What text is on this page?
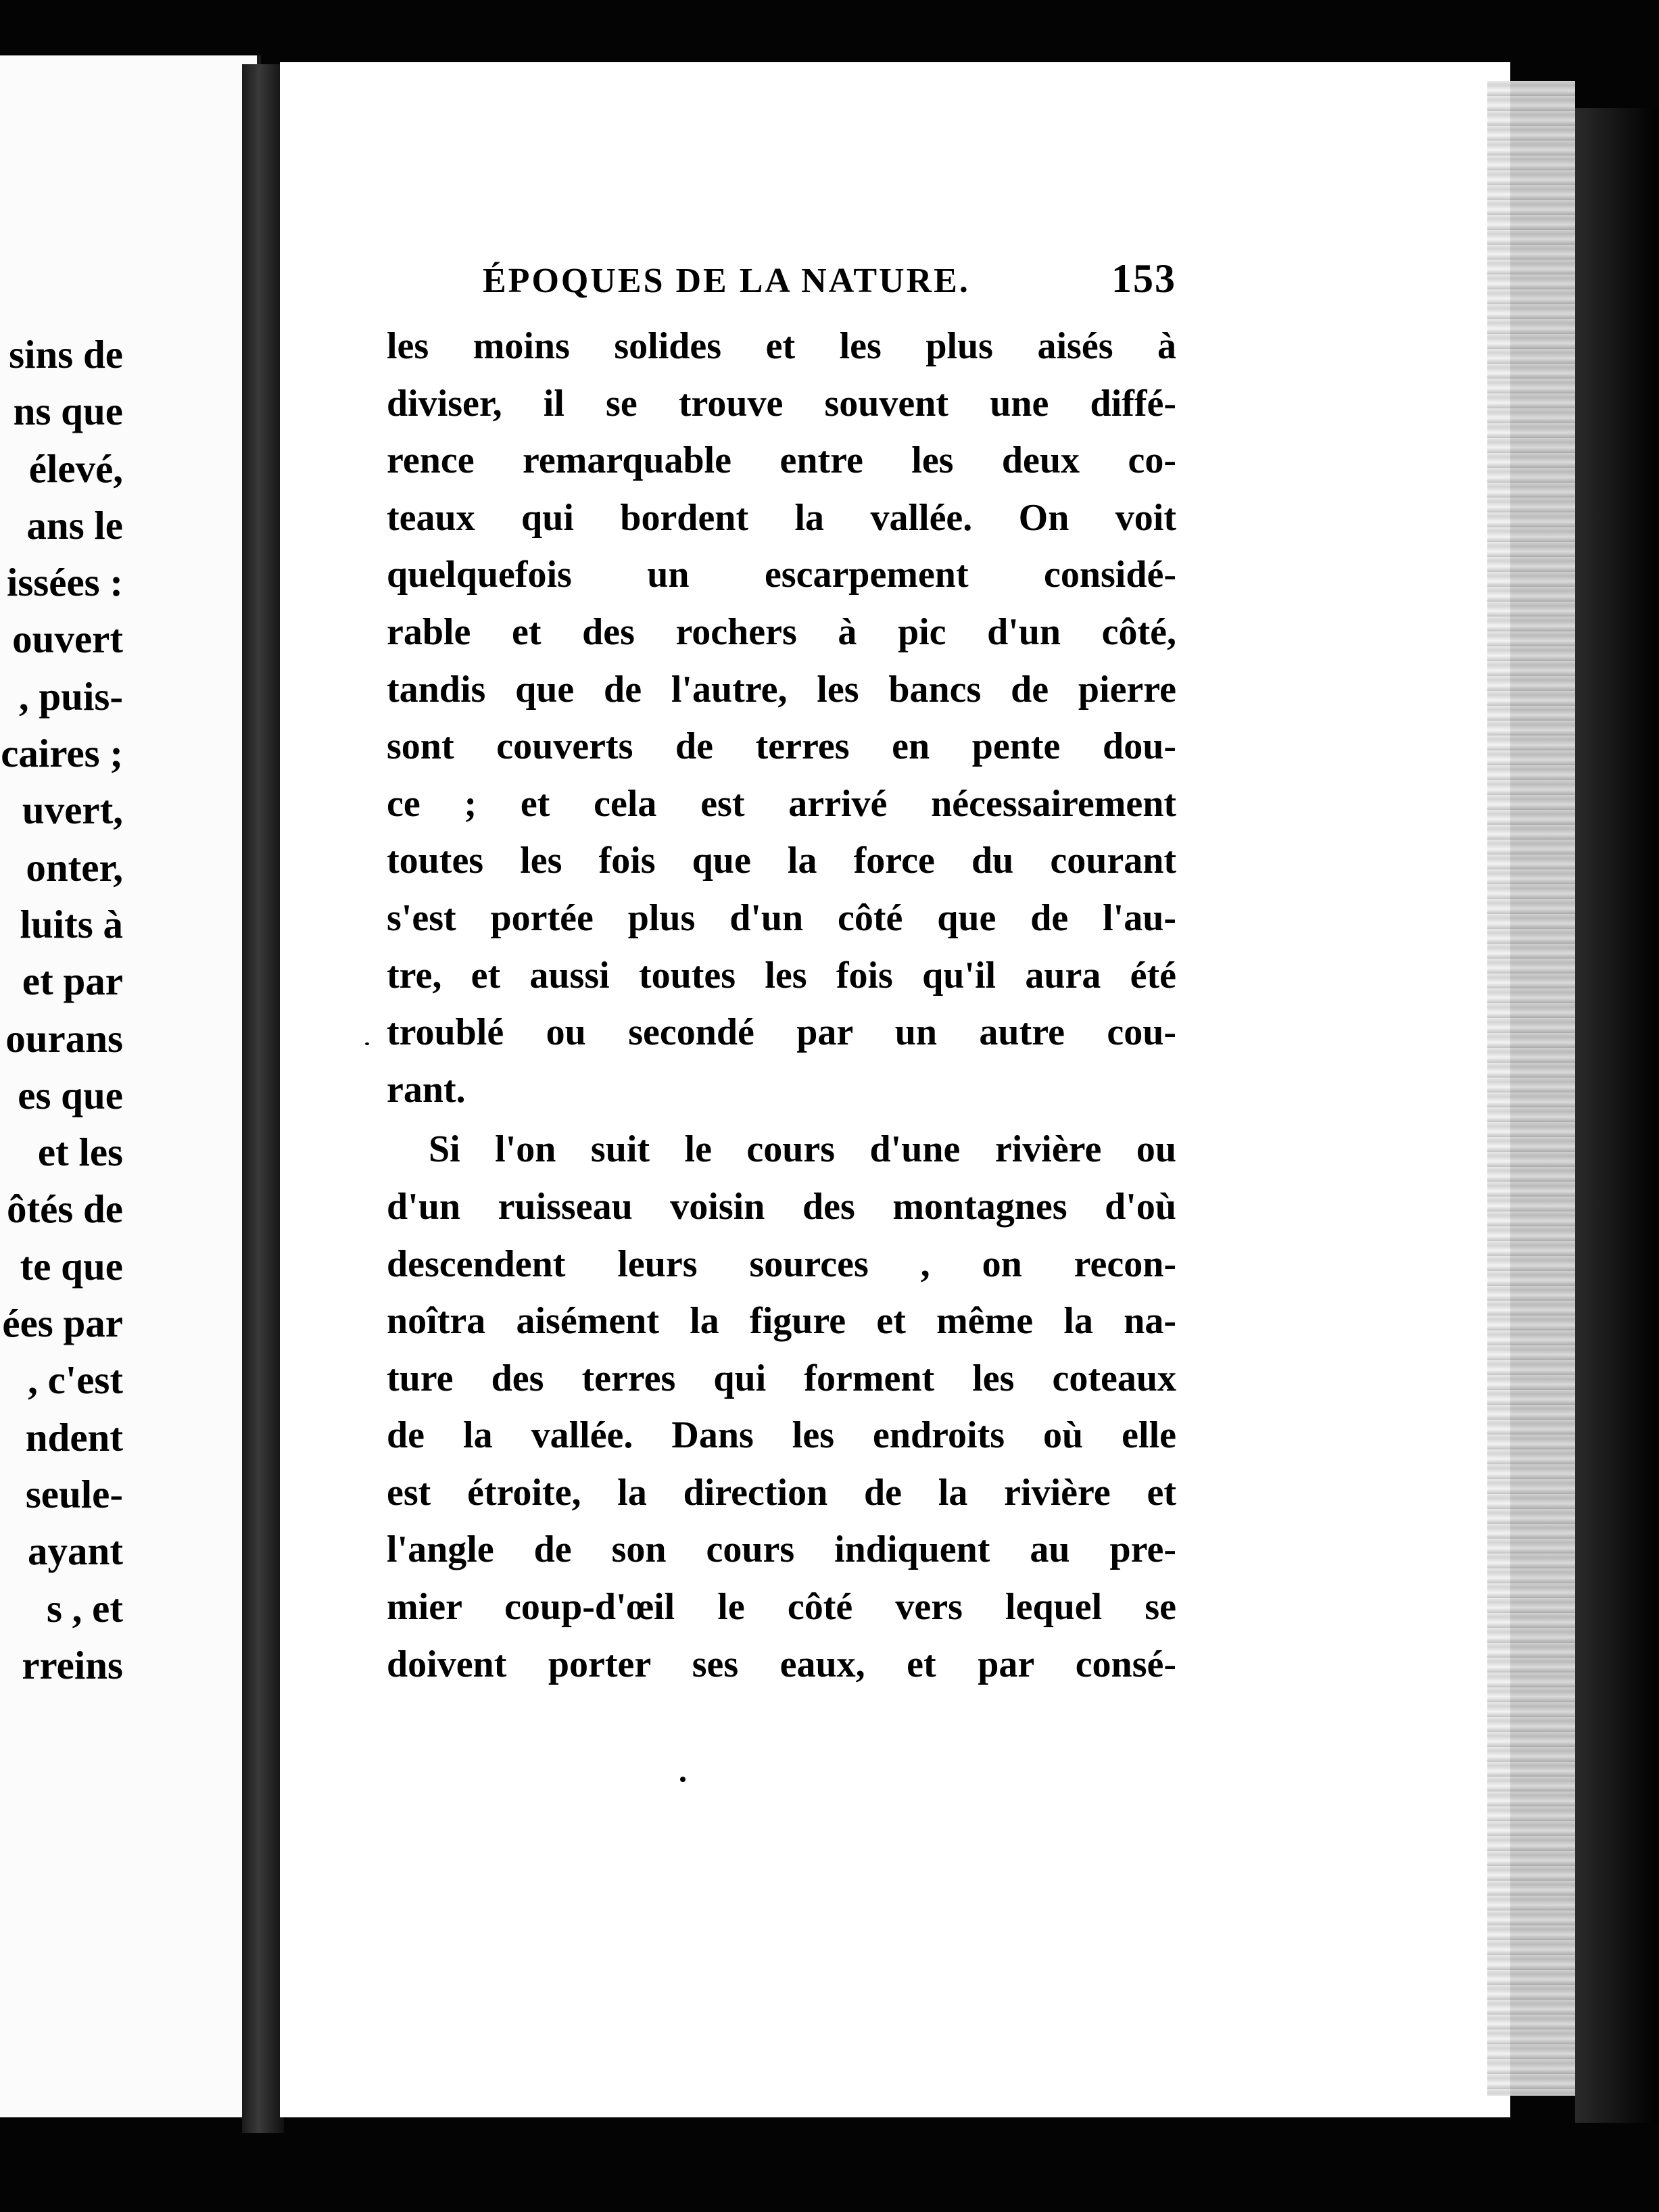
sins de
ns que
élevé,
ans le
issées :
ouvert
, puis-
caires ;
uvert,
onter,
luits à
et par
ourans
es que
et les
ôtés de
te que
ées par
, c'est
ndent
seule-
ayant
s , et
rreins
ÉPOQUES DE LA NATURE.	153
les moins solides et les plus aisés à
diviser, il se trouve souvent une diffé-
rence remarquable entre les deux co-
teaux qui bordent la vallée. On voit
quelquefois un escarpement considé-
rable et des rochers à pic d'un côté,
tandis que de l'autre, les bancs de pierre
sont couverts de terres en pente dou-
ce ; et cela est arrivé nécessairement
toutes les fois que la force du courant
s'est portée plus d'un côté que de l'au-
tre, et aussi toutes les fois qu'il aura été
troublé ou secondé par un autre cou-
rant.
Si l'on suit le cours d'une rivière ou
d'un ruisseau voisin des montagnes d'où
descendent leurs sources , on recon-
noîtra aisément la figure et même la na-
ture des terres qui forment les coteaux
de la vallée. Dans les endroits où elle
est étroite, la direction de la rivière et
l'angle de son cours indiquent au pre-
mier coup-d'œil le côté vers lequel se
doivent porter ses eaux, et par consé-
